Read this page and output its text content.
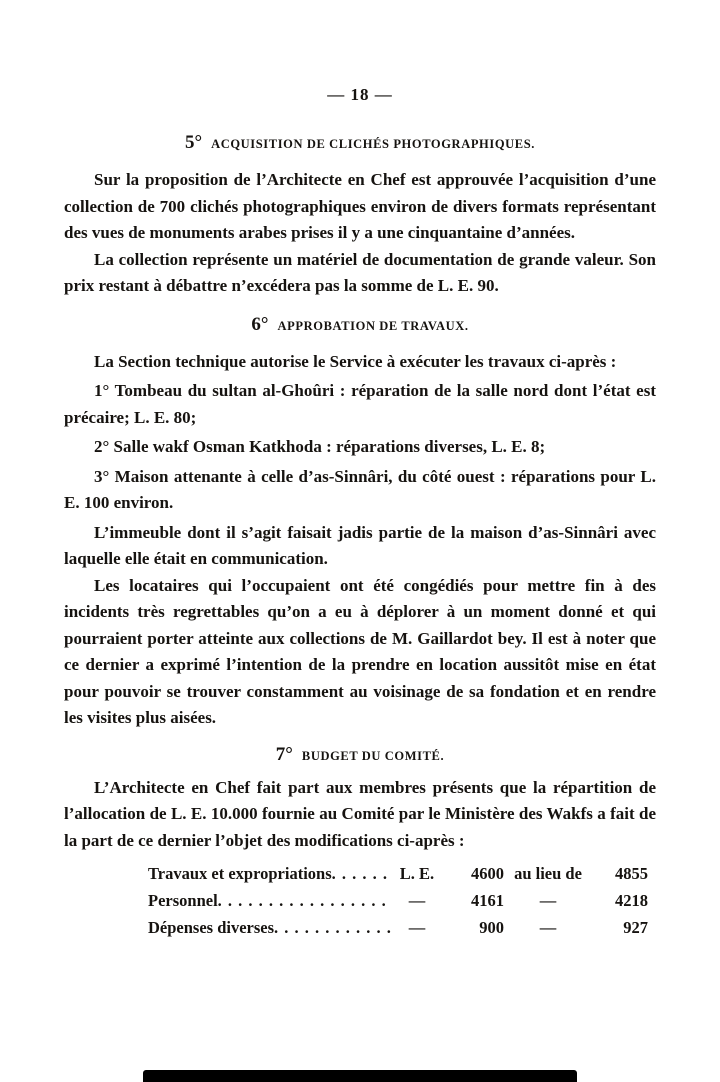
— 18 —
5° ACQUISITION DE CLICHÉS PHOTOGRAPHIQUES.

Sur la proposition de l’Architecte en Chef est approuvée l’acquisition d’une collection de 700 clichés photographiques environ de divers formats représentant des vues de monuments arabes prises il y a une cinquantaine d’années.

La collection représente un matériel de documentation de grande valeur. Son prix restant à débattre n’excédera pas la somme de L. E. 90.

6° APPROBATION DE TRAVAUX.

La Section technique autorise le Service à exécuter les travaux ci-après :

1° Tombeau du sultan al-Ghoûri : réparation de la salle nord dont l’état est précaire; L. E. 80;

2° Salle wakf Osman Katkhoda : réparations diverses, L. E. 8;

3° Maison attenante à celle d’as-Sinnâri, du côté ouest : réparations pour L. E. 100 environ.

L’immeuble dont il s’agit faisait jadis partie de la maison d’as-Sinnâri avec laquelle elle était en communication.

Les locataires qui l’occupaient ont été congédiés pour mettre fin à des incidents très regrettables qu’on a eu à déplorer à un moment donné et qui pourraient porter atteinte aux collections de M. Gaillardot bey. Il est à noter que ce dernier a exprimé l’intention de la prendre en location aussitôt mise en état pour pouvoir se trouver constamment au voisinage de sa fondation et en rendre les visites plus aisées.

7° BUDGET DU COMITÉ.

L’Architecte en Chef fait part aux membres présents que la répartition de l’allocation de L. E. 10.000 fournie au Comité par le Ministère des Wakfs a fait de la part de ce dernier l’objet des modifications ci-après :

Travaux et expropriations . . .	L. E.	4600 au lieu de	4855
Personnel . . .	—	4161	—	4218
Dépenses diverses . . .	—	900	—	927
